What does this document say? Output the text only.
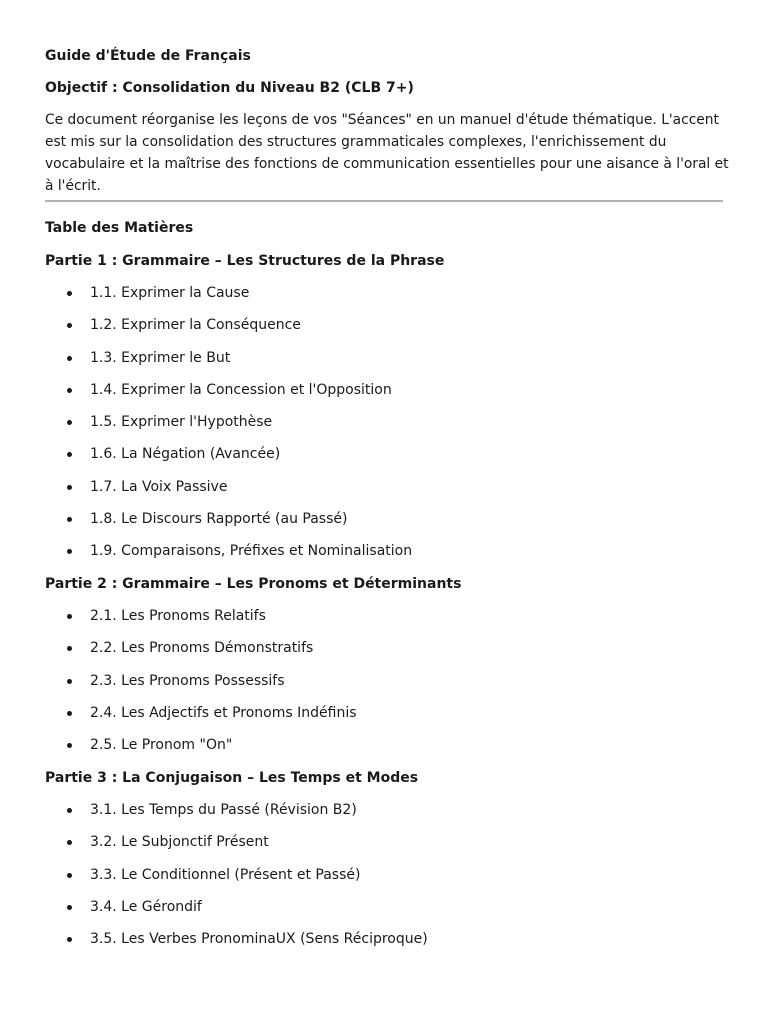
Guide d'Étude de Français
Objectif : Consolidation du Niveau B2 (CLB 7+)

Ce document réorganise les leçons de vos "Séances" en un manuel d'étude thématique. L'accent est mis sur la consolidation des structures grammaticales complexes, l'enrichissement du vocabulaire et la maîtrise des fonctions de communication essentielles pour une aisance à l'oral et à l'écrit.

Table des Matières
Partie 1 : Grammaire – Les Structures de la Phrase
1.1. Exprimer la Cause
1.2. Exprimer la Conséquence
1.3. Exprimer le But
1.4. Exprimer la Concession et l'Opposition
1.5. Exprimer l'Hypothèse
1.6. La Négation (Avancée)
1.7. La Voix Passive
1.8. Le Discours Rapporté (au Passé)
1.9. Comparaisons, Préfixes et Nominalisation
Partie 2 : Grammaire – Les Pronoms et Déterminants
2.1. Les Pronoms Relatifs
2.2. Les Pronoms Démonstratifs
2.3. Les Pronoms Possessifs
2.4. Les Adjectifs et Pronoms Indéfinis
2.5. Le Pronom "On"
Partie 3 : La Conjugaison – Les Temps et Modes
3.1. Les Temps du Passé (Révision B2)
3.2. Le Subjonctif Présent
3.3. Le Conditionnel (Présent et Passé)
3.4. Le Gérondif
3.5. Les Verbes PronominaUX (Sens Réciproque)
